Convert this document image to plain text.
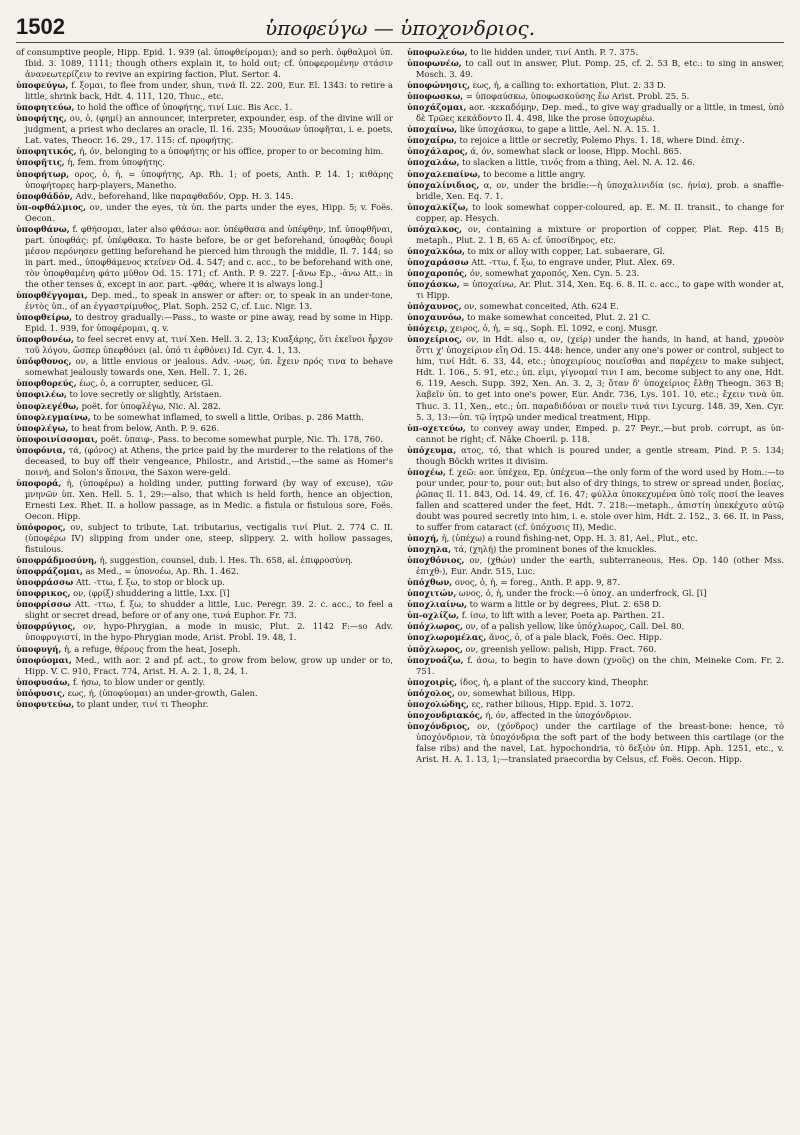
1502	ὑποφεύγω — ὑποχονδριος.

of consumptive people, Hipp. Epid. 1. 939 (al. ὑποφθείρομαι); and so perh. ὀφθαλμοὶ ὑπ. Ibid. 3. 1089, 1111; though others explain it, to hold out; cf. ὑποφερομένην στάσιν ἀνανεωτερίζειν to revive an expiring faction, Plut. Sertor. 4.

ὑποφεύγω, f. ξομαι, to flee from under, shun, τινά Il. 22. 200, Eur. El. 1343: to retire a little, shrink back, Hdt. 4. 111, 120, Thuc., etc.

ὑποφητεύω, to hold the office of ὑποφήτης, τινί Luc. Bis Acc. 1.

ὑποφήτης, ου, ὁ, (φημί) an announcer, interpreter, expounder, esp. of the divine will or judgment, a priest who declares an oracle, Il. 16. 235; Μουσάων ὑποφῆται, i. e. poets, Lat. vates, Theocr. 16. 29., 17. 115: cf. προφήτης.

ὑποφητικός, ή, όν, belonging to a ὑποφήτης or his office, proper to or becoming him.

ὑποφῆτις, ἡ, fem. from ὑποφήτης.

ὑποφήτωρ, ορος, ὁ, ἡ, = ὑποφήτης, Ap. Rh. 1; of poets, Anth. P. 14. 1; κιθάρης ὑποφήτορες harp-players, Manetho.

ὑποφθάδόν, Adv., beforehand, like παραφθαδόν, Opp. H. 3. 145.

ὑπ-οφθάλμιος, ον, under the eyes, τὰ ὑπ. the parts under the eyes, Hipp. 5; v. Foës. Oecon.

ὑποφθάνω, f. φθήσομαι, later also φθάσω: aor. ὑπέφθασα and ὑπέφθην, inf. ὑποφθῆναι, part. ὑποφθάς: pf. ὑπέφθακα. To haste before, be or get beforehand, ὑποφθὰς δουρὶ μέσον περόνησεν getting beforehand he pierced him through the middle, Il. 7. 144; so in part. med., ὑποφθάμενος κτείνεν Od. 4. 547; and c. acc., to be beforehand with one, τὸν ὑποφθαμένη φάτο μῦθον Od. 15. 171; cf. Anth. P. 9. 227. [-ᾰνω Ep., -ᾱνω Att.: in the other tenses ᾰ, except in aor. part. -φθάς, where it is always long.]

ὑποφθέγγομαι, Dep. med., to speak in answer or after: or, to speak in an under-tone, ἐντὸς ὑπ., of an ἐγγαστρίμυθος, Plat. Soph. 252 C, cf. Luc. Nigr. 13.

ὑποφθείρω, to destroy gradually:—Pass., to waste or pine away, read by some in Hipp. Epid. 1. 939, for ὑποφέρομαι, q. v.

ὑποφθονέω, to feel secret envy at, τινί Xen. Hell. 3. 2, 13; Κυαξάρης, ὅτι ἐκεῖνοι ἦρχον τοῦ λόγου, ὥσπερ ὑπεφθόνει (al. ὑπό τι ἐφθόνει) Id. Cyr. 4. 1, 13.

ὑπόφθονος, ον, a little envious or jealous. Adv. -νως, ὑπ. ἔχειν πρός τινα to behave somewhat jealously towards one, Xen. Hell. 7. 1, 26.

ὑποφθορεύς, έως, ὁ, a corrupter, seducer, Gl.

ὑποφιλέω, to love secretly or slightly, Aristaen.

ὑποφλεγέθω, poët. for ὑποφλέγω, Nic. Al. 282.

ὑποφλεγμαίνω, to be somewhat inflamed, to swell a little, Oribas. p. 286 Matth.

ὑποφλέγω, to heat from below, Anth. P. 9. 626.

ὑποφοινίσσομαι, poët. ὑπαιφ-, Pass. to become somewhat purple, Nic. Th. 178, 760.

ὑποφόνια, τά, (φόνος) at Athens, the price paid by the murderer to the relations of the deceased, to buy off their vengeance, Philostr., and Aristid.,—the same as Homer's ποινή, and Solon's ἄποινα, the Saxon were-geld.

ὑποφορά, ἡ, (ὑποφέρω) a holding under, putting forward (by way of excuse), τῶν μνηνῶν ὑπ. Xen. Hell. 5. 1, 29:—also, that which is held forth, hence an objection, Ernesti Lex. Rhet. II. a hollow passage, as in Medic. a fistula or fistulous sore, Foës. Oecon. Hipp.

ὑπόφορος, ον, subject to tribute, Lat. tributarius, vectigalis τινί Plut. 2. 774 C. II. (ὑποφέρω IV) slipping from under one, steep, slippery. 2. with hollow passages, fistulous.

ὑποφράδμοσύνη, ἡ, suggestion, counsel, dub. l. Hes. Th. 658, al. ἐπιφροσύνη.

ὑποφράζομαι, as Med., = ὑπονοέω, Ap. Rh. 1. 462.

ὑποφράσσω Att. -ττω, f. ξω, to stop or block up.

ὑποφρικος, ον, (φρίξ) shuddering a little, Lxx. [ῐ]

ὑποφρίσσω Att. -ττω, f. ξω, to shudder a little, Luc. Peregr. 39. 2. c. acc., to feel a slight or secret dread, before or of any one, τινά Euphor. Fr. 73.

ὑποφρύγιος, ον, hypo-Phrygian, a mode in music, Plut. 2. 1142 F:—so Adv. ὑποφρυγιστί, in the hypo-Phrygian mode, Arist. Probl. 19. 48, 1.

ὑποφυγή, ἡ, a refuge, θέρους from the heat, Joseph.

ὑποφύομαι, Med., with aor. 2 and pf. act., to grow from below, grow up under or to, Hipp. V. C. 910, Fract. 774, Arist. H. A. 2. 1, 8, 24, 1.

ὑποφυσάω, f. ήσω, to blow under or gently.

ὑπόφυσις, εως, ἡ, (ὑποφύομαι) an under-growth, Galen.

ὑποφυτεύω, to plant under, τινί τι Theophr.

ὑποφωλεύω, to lie hidden under, τινί Anth. P. 7. 375.

ὑποφωνέω, to call out in answer, Plut. Pomp. 25, cf. 2. 53 B, etc.: to sing in answer, Mosch. 3. 49.

ὑποφώνησις, εως, ἡ, a calling to: exhortation, Plut. 2. 33 D.

ὑποφωσκω, = ὑποφαύσκω, ὑποφωσκούσης ἕω Arist. Probl. 25. 5.

ὑποχάζομαι, aor. -κεκαδόμην, Dep. med., to give way gradually or a little, in tmesi, ὑπὸ δὲ Τρῶες κεκάδοντο Il. 4. 498, like the prose ὑποχωρέω.

ὑποχαίνω, like ὑποχάσκω, to gape a little, Ael. N. A. 15. 1.

ὑποχαίρω, to rejoice a little or secretly, Polemo Phys. 1. 18, where Dind. ἐπιχ-.

ὑποχάλαρος, ά, όν, somewhat slack or loose, Hipp. Mochl. 865.

ὑποχαλάω, to slacken a little, τινός from a thing, Ael. N. A. 12. 46.

ὑποχαλεπαίνω, to become a little angry.

ὑποχαλίνιδιος, α, ον, under the bridle:—ἡ ὑποχαλινιδία (sc. ἡνία), prob. a snaffle-bridle, Xen. Eq. 7. 1.

ὑποχαλκίζω, to look somewhat copper-coloured, ap. E. M. II. transit., to change for copper, ap. Hesych.

ὑπόχαλκος, ον, containing a mixture or proportion of copper, Plat. Rep. 415 B; metaph., Plut. 2. 1 B, 65 A: cf. ὑποσίδηρος, etc.

ὑποχαλκόω, to mix or alloy with copper, Lat. subaerare, Gl.

ὑποχαράσσω Att. -ττω, f. ξω, to engrave under, Plut. Alex. 69.

ὑποχαροπός, όν, somewhat χαροπός, Xen. Cyn. 5. 23.

ὑποχάσκω, = ὑποχαίνω, Ar. Plut. 314, Xen. Eq. 6. 8. II. c. acc., to gape with wonder at, τι Hipp.

ὑπόχαυνος, ον, somewhat conceited, Ath. 624 E.

ὑποχαυνόω, to make somewhat conceited, Plut. 2. 21 C.

ὑπόχειρ, χειρος, ὁ, ἡ, = sq., Soph. El. 1092, e conj. Musgr.

ὑποχείριος, ον, in Hdt. also α, ον, (χείρ) under the hands, in hand, at hand, χρυσὸν ὅττι χ' ὑποχείριον εἴη Od. 15. 448: hence, under any one's power or control, subject to him, τινί Hdt. 6. 33, 44, etc.; ὑποχειρίους ποιεῖσθαι and παρέχειν to make subject, Hdt. 1. 106., 5. 91, etc.; ὑπ. εἰμι, γίγνομαί τινι I am, become subject to any one, Hdt. 6. 119, Aesch. Supp. 392, Xen. An. 3. 2, 3; ὅταν δ' ὑποχείριος ἔλθῃ Theogn. 363 B; λαβεῖν ὑπ. to get into one's power, Eur. Andr. 736, Lys. 101. 10, etc.; ἔχειν τινὰ ὑπ. Thuc. 3. 11, Xen., etc.; ὑπ. παραδιδόναι or ποιεῖν τινά τινι Lycurg. 148. 39, Xen. Cyr. 5. 3, 13:—ὑπ. τῷ ἰητρῷ under medical treatment, Hipp.

ὑπ-οχετεύω, to convey away under, Emped. p. 27 Peyr.,—but prob. corrupt, as ὑπ- cannot be right; cf. Näke Choeril. p. 118.

ὑπόχευμα, ατος, τό, that which is poured under, a gentle stream, Pind. P. 5. 134; though Böckh writes it divisim.

ὑποχέω, f. χεῶ: aor. ὑπέχεα, Ep. ὑπέχευα—the only form of the word used by Hom.:—to pour under, pour to, pour out: but also of dry things, to strew or spread under, βοείας, ῥῶπας Il. 11. 843, Od. 14. 49, cf. 16. 47; φύλλα ὑποκεχυμένα ὑπὸ τοῖς ποσί the leaves fallen and scattered under the feet, Hdt. 7. 218:—metaph., ἀπιστίη ὑπεκέχυτο αὐτῷ doubt was poured secretly into him, i. e. stole over him, Hdt. 2. 152., 3. 66. II. in Pass, to suffer from cataract (cf. ὑπόχυσις II), Medic.

ὑποχή, ἡ, (ὑπέχω) a round fishing-net, Opp. H. 3. 81, Ael., Plut., etc.

ὑποχηλα, τά, (χηλή) the prominent bones of the knuckles.

ὑποχθόνιος, ον, (χθών) under the earth, subterraneous, Hes. Op. 140 (other Mss. ἐπιχθ-), Eur. Andr. 515, Luc.

ὑπόχθων, ονος, ὁ, ἡ, = foreg., Anth. P. app. 9, 87.

ὑποχιτών, ωνος, ὁ, ἡ, under the frock:—ὁ ὑποχ. an underfrock, Gl. [ῐ]

ὑποχλιαίνω, to warm a little or by degrees, Plut. 2. 658 D.

ὑπ-οχλίζω, f. ίσω, to lift with a lever, Poeta ap. Parthen. 21.

ὑπόχλωρος, ον, of a palish yellow, like ὑπόχλωρος, Call. Del. 80.

ὑποχλωρομέλας, ᾰνος, ὁ, of a pale black, Foës. Oec. Hipp.

ὑπόχλωρος, ον, greenish yellow: palish, Hipp. Fract. 760.

ὑποχνοάζω, f. άσω, to begin to have down (χνοῦς) on the chin, Meineke Com. Fr. 2. 751.

ὑποχοιρίς, ίδος, ἡ, a plant of the succory kind, Theophr.

ὑπόχολος, ον, somewhat bilious, Hipp.

ὑποχολώδης, ες, rather bilious, Hipp. Epid. 3. 1072.

ὑποχονδριακός, ή, όν, affected in the ὑποχόνδριον.

ὑποχόνδριος, ον, (χόνδρος) under the cartilage of the breast-bone: hence, τὸ ὑποχόνδριον, τὰ ὑποχόνδρια the soft part of the body between this cartilage (or the false ribs) and the navel, Lat. hypochondria, τὸ δεξιὸν ὑπ. Hipp. Aph. 1251, etc., v. Arist. H. A. 1. 13, 1;—translated praecordia by Celsus, cf. Foës. Oecon. Hipp.
